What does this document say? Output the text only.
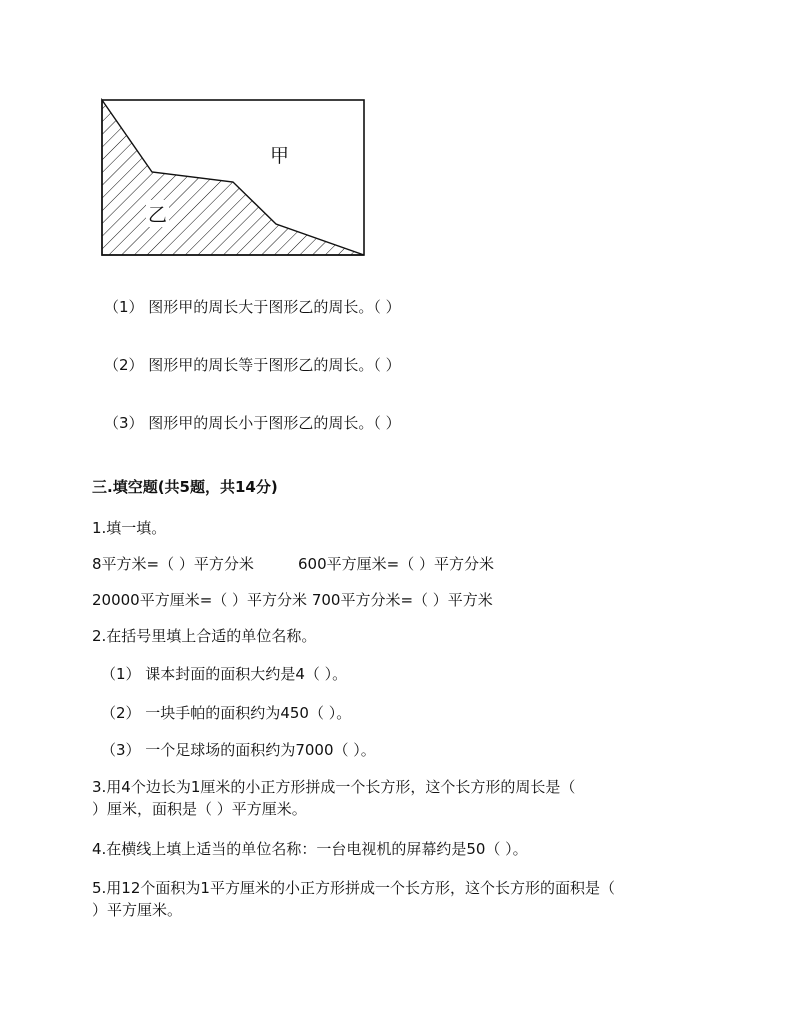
甲
乙
（1） 图形甲的周长大于图形乙的周长。（ ）
（2） 图形甲的周长等于图形乙的周长。（ ）
（3） 图形甲的周长小于图形乙的周长。（ ）
三.填空题(共5题，共14分)
1.填一填。
8平方米=（ ）平方分米	600平方厘米=（ ）平方分米
20000平方厘米=（ ）平方分米 700平方分米=（ ）平方米
2.在括号里填上合适的单位名称。
（1） 课本封面的面积大约是4（ ）。
（2） 一块手帕的面积约为450（ ）。
（3） 一个足球场的面积约为7000（ ）。
3.用4个边长为1厘米的小正方形拼成一个长方形，这个长方形的周长是（
）厘米，面积是（ ）平方厘米。
4.在横线上填上适当的单位名称：一台电视机的屏幕约是50（ ）。
5.用12个面积为1平方厘米的小正方形拼成一个长方形，这个长方形的面积是（
）平方厘米。
